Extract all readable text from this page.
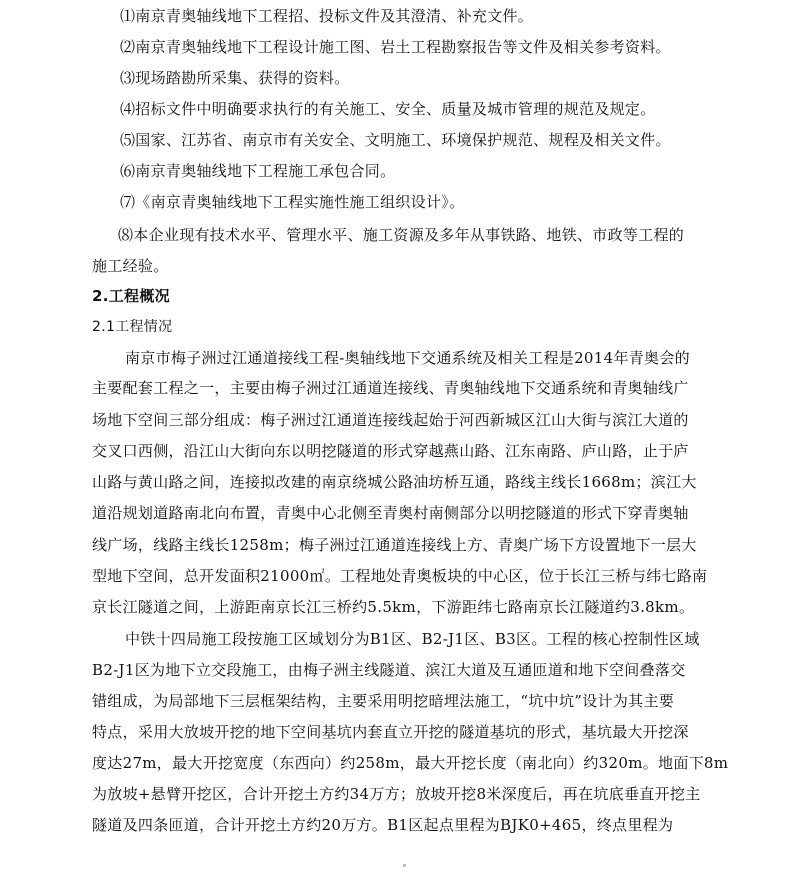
⑴南京青奥轴线地下工程招、投标文件及其澄清、补充文件。
⑵南京青奥轴线地下工程设计施工图、岩土工程勘察报告等文件及相关参考资料。
⑶现场踏勘所采集、获得的资料。
⑷招标文件中明确要求执行的有关施工、安全、质量及城市管理的规范及规定。
⑸国家、江苏省、南京市有关安全、文明施工、环境保护规范、规程及相关文件。
⑹南京青奥轴线地下工程施工承包合同。
⑺《南京青奥轴线地下工程实施性施工组织设计》。
⑻本企业现有技术水平、管理水平、施工资源及多年从事铁路、地铁、市政等工程的
施工经验。
2.工程概况
2.1工程情况
南京市梅子洲过江通道接线工程-奥轴线地下交通系统及相关工程是2014年青奥会的
主要配套工程之一，主要由梅子洲过江通道连接线、青奥轴线地下交通系统和青奥轴线广
场地下空间三部分组成：梅子洲过江通道连接线起始于河西新城区江山大街与滨江大道的
交叉口西侧，沿江山大街向东以明挖隧道的形式穿越燕山路、江东南路、庐山路，止于庐
山路与黄山路之间，连接拟改建的南京绕城公路油坊桥互通，路线主线长1668m；滨江大
道沿规划道路南北向布置，青奥中心北侧至青奥村南侧部分以明挖隧道的形式下穿青奥轴
线广场，线路主线长1258m；梅子洲过江通道连接线上方、青奥广场下方设置地下一层大
型地下空间，总开发面积21000㎡。工程地处青奥板块的中心区，位于长江三桥与纬七路南
京长江隧道之间，上游距南京长江三桥约5.5km，下游距纬七路南京长江隧道约3.8km。
中铁十四局施工段按施工区域划分为B1区、B2-J1区、B3区。工程的核心控制性区域
B2-J1区为地下立交段施工，由梅子洲主线隧道、滨江大道及互通匝道和地下空间叠落交
错组成，为局部地下三层框架结构，主要采用明挖暗埋法施工，“坑中坑”设计为其主要
特点，采用大放坡开挖的地下空间基坑内套直立开挖的隧道基坑的形式，基坑最大开挖深
度达27m，最大开挖宽度（东西向）约258m，最大开挖长度（南北向）约320m。地面下8m
为放坡+悬臂开挖区，合计开挖土方约34万方；放坡开挖8米深度后，再在坑底垂直开挖主
隧道及四条匝道，合计开挖土方约20万方。B1区起点里程为BJK0+465，终点里程为
